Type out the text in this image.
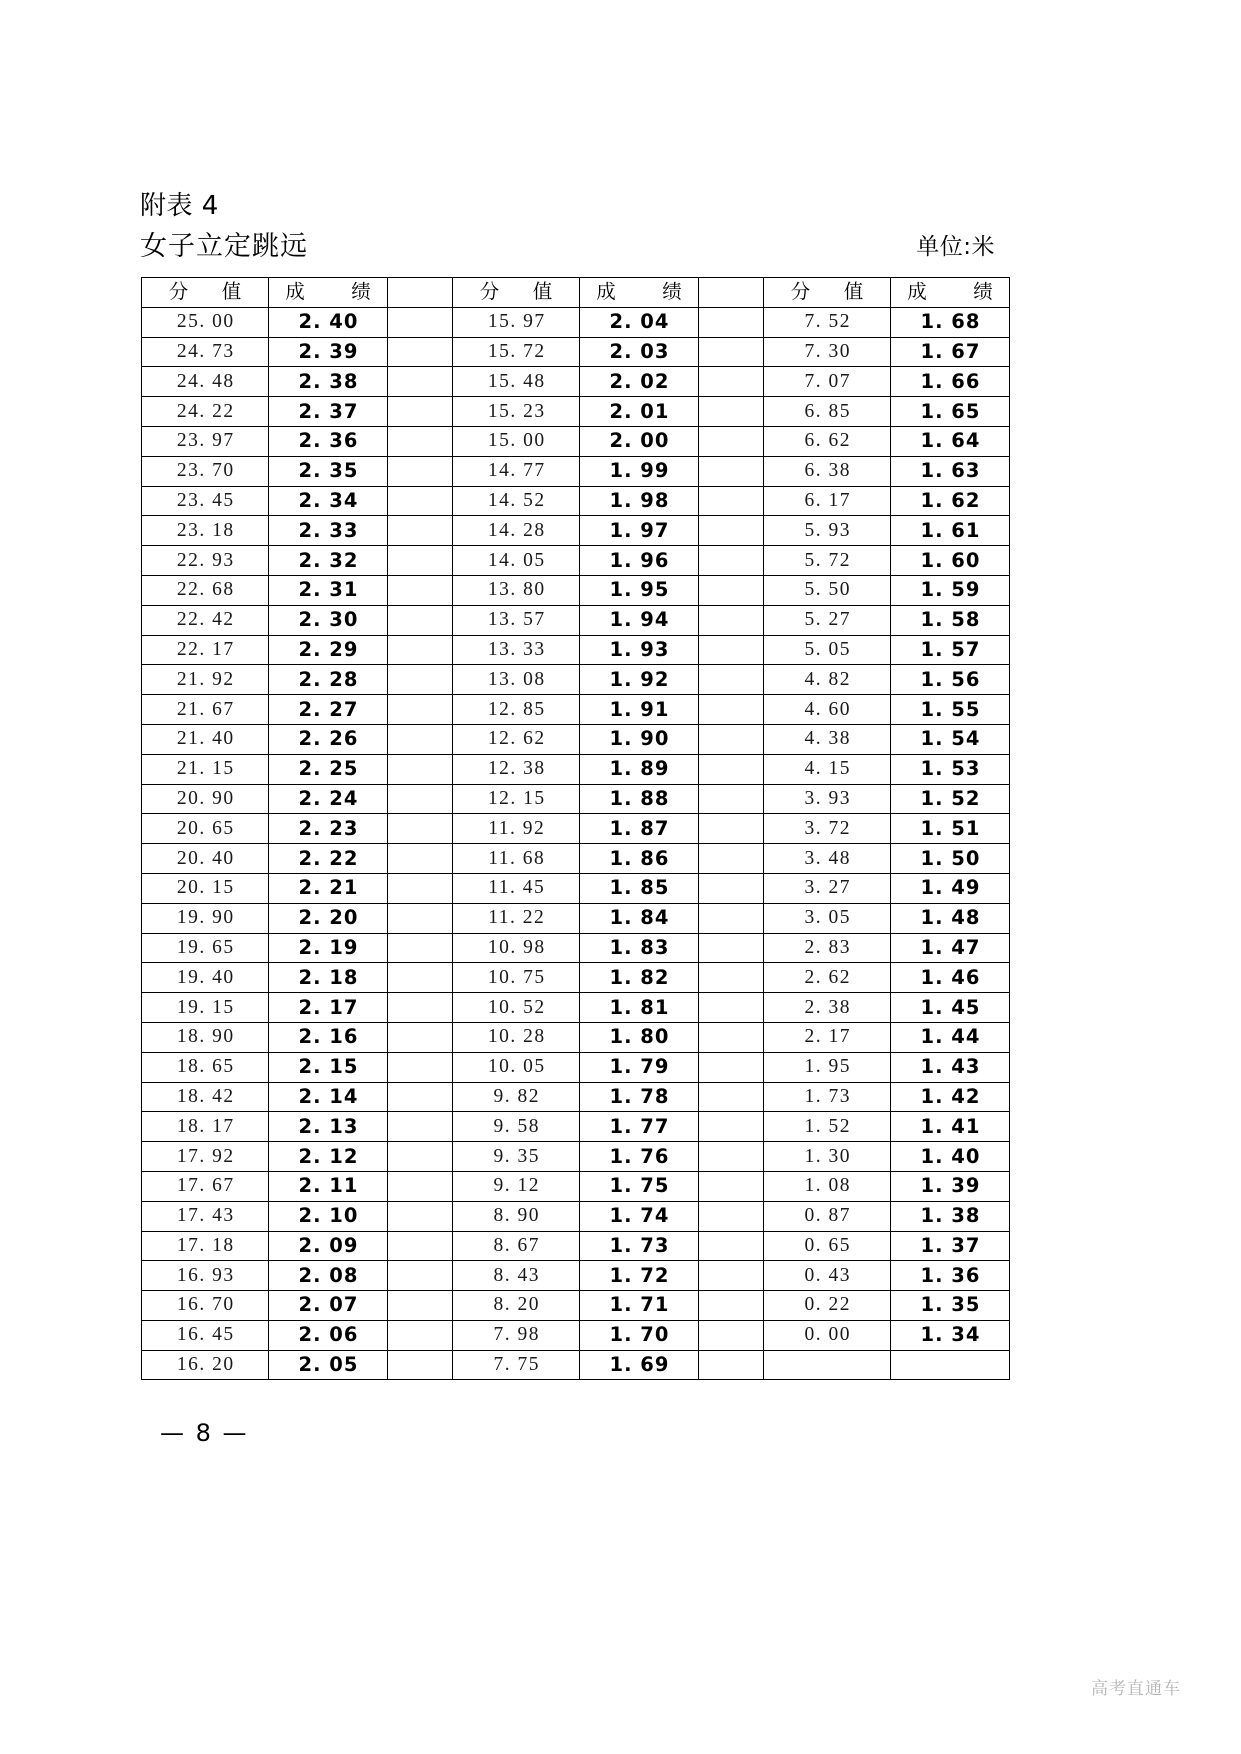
附表 4
女子立定跳远	单位:米
分  值	成   绩		分  值	成   绩		分  值	成   绩
25. 00	2. 40		15. 97	2. 04		7. 52	1. 68
24. 73	2. 39		15. 72	2. 03		7. 30	1. 67
24. 48	2. 38		15. 48	2. 02		7. 07	1. 66
24. 22	2. 37		15. 23	2. 01		6. 85	1. 65
23. 97	2. 36		15. 00	2. 00		6. 62	1. 64
23. 70	2. 35		14. 77	1. 99		6. 38	1. 63
23. 45	2. 34		14. 52	1. 98		6. 17	1. 62
23. 18	2. 33		14. 28	1. 97		5. 93	1. 61
22. 93	2. 32		14. 05	1. 96		5. 72	1. 60
22. 68	2. 31		13. 80	1. 95		5. 50	1. 59
22. 42	2. 30		13. 57	1. 94		5. 27	1. 58
22. 17	2. 29		13. 33	1. 93		5. 05	1. 57
21. 92	2. 28		13. 08	1. 92		4. 82	1. 56
21. 67	2. 27		12. 85	1. 91		4. 60	1. 55
21. 40	2. 26		12. 62	1. 90		4. 38	1. 54
21. 15	2. 25		12. 38	1. 89		4. 15	1. 53
20. 90	2. 24		12. 15	1. 88		3. 93	1. 52
20. 65	2. 23		11. 92	1. 87		3. 72	1. 51
20. 40	2. 22		11. 68	1. 86		3. 48	1. 50
20. 15	2. 21		11. 45	1. 85		3. 27	1. 49
19. 90	2. 20		11. 22	1. 84		3. 05	1. 48
19. 65	2. 19		10. 98	1. 83		2. 83	1. 47
19. 40	2. 18		10. 75	1. 82		2. 62	1. 46
19. 15	2. 17		10. 52	1. 81		2. 38	1. 45
18. 90	2. 16		10. 28	1. 80		2. 17	1. 44
18. 65	2. 15		10. 05	1. 79		1. 95	1. 43
18. 42	2. 14		9. 82	1. 78		1. 73	1. 42
18. 17	2. 13		9. 58	1. 77		1. 52	1. 41
17. 92	2. 12		9. 35	1. 76		1. 30	1. 40
17. 67	2. 11		9. 12	1. 75		1. 08	1. 39
17. 43	2. 10		8. 90	1. 74		0. 87	1. 38
17. 18	2. 09		8. 67	1. 73		0. 65	1. 37
16. 93	2. 08		8. 43	1. 72		0. 43	1. 36
16. 70	2. 07		8. 20	1. 71		0. 22	1. 35
16. 45	2. 06		7. 98	1. 70		0. 00	1. 34
16. 20	2. 05		7. 75	1. 69			
— 8 —
高考直通车
